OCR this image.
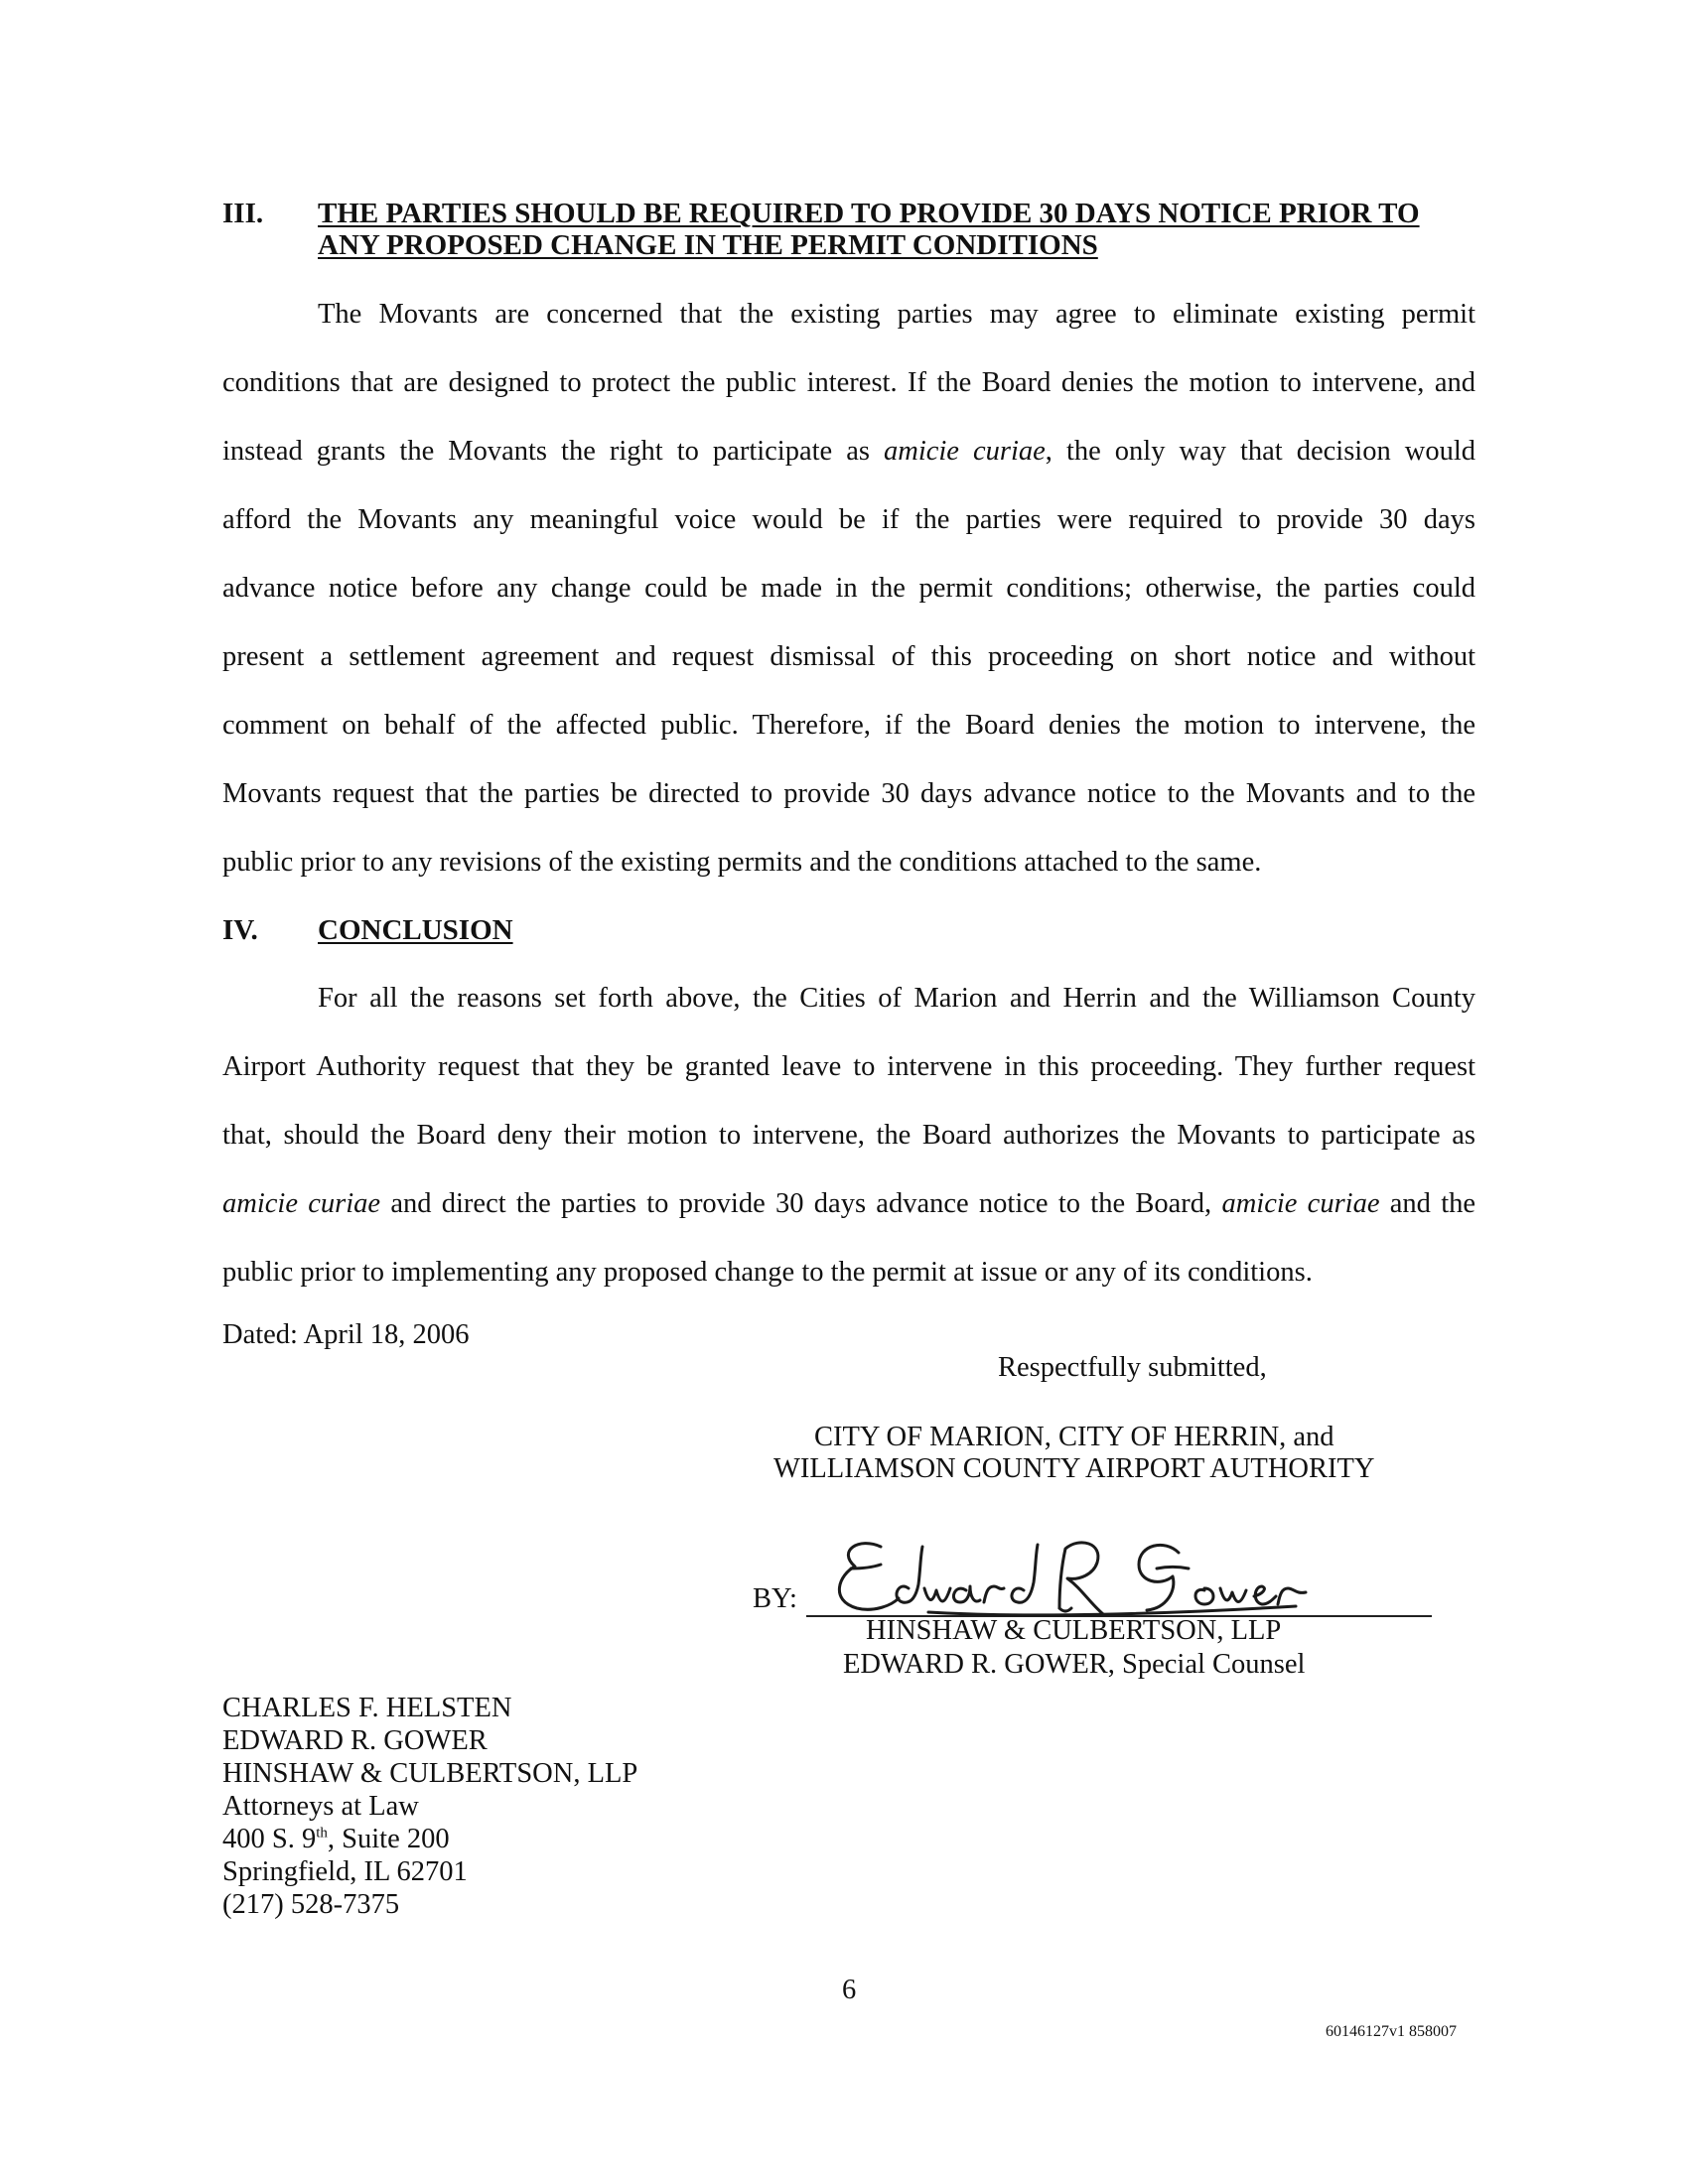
III. THE PARTIES SHOULD BE REQUIRED TO PROVIDE 30 DAYS NOTICE PRIOR TO
ANY PROPOSED CHANGE IN THE PERMIT CONDITIONS
The Movants are concerned that the existing parties may agree to eliminate existing permit
conditions that are designed to protect the public interest. If the Board denies the motion to intervene, and
instead grants the Movants the right to participate as amicie curiae, the only way that decision would
afford the Movants any meaningful voice would be if the parties were required to provide 30 days
advance notice before any change could be made in the permit conditions; otherwise, the parties could
present a settlement agreement and request dismissal of this proceeding on short notice and without
comment on behalf of the affected public. Therefore, if the Board denies the motion to intervene, the
Movants request that the parties be directed to provide 30 days advance notice to the Movants and to the
public prior to any revisions of the existing permits and the conditions attached to the same.
IV. CONCLUSION
For all the reasons set forth above, the Cities of Marion and Herrin and the Williamson County
Airport Authority request that they be granted leave to intervene in this proceeding. They further request
that, should the Board deny their motion to intervene, the Board authorizes the Movants to participate as
amicie curiae and direct the parties to provide 30 days advance notice to the Board, amicie curiae and the
public prior to implementing any proposed change to the permit at issue or any of its conditions.
Dated: April 18, 2006
Respectfully submitted,
CITY OF MARION, CITY OF HERRIN, and
WILLIAMSON COUNTY AIRPORT AUTHORITY
BY:
HINSHAW & CULBERTSON, LLP
EDWARD R. GOWER, Special Counsel
CHARLES F. HELSTEN
EDWARD R. GOWER
HINSHAW & CULBERTSON, LLP
Attorneys at Law
400 S. 9th, Suite 200
Springfield, IL 62701
(217) 528-7375
6
60146127v1 858007
